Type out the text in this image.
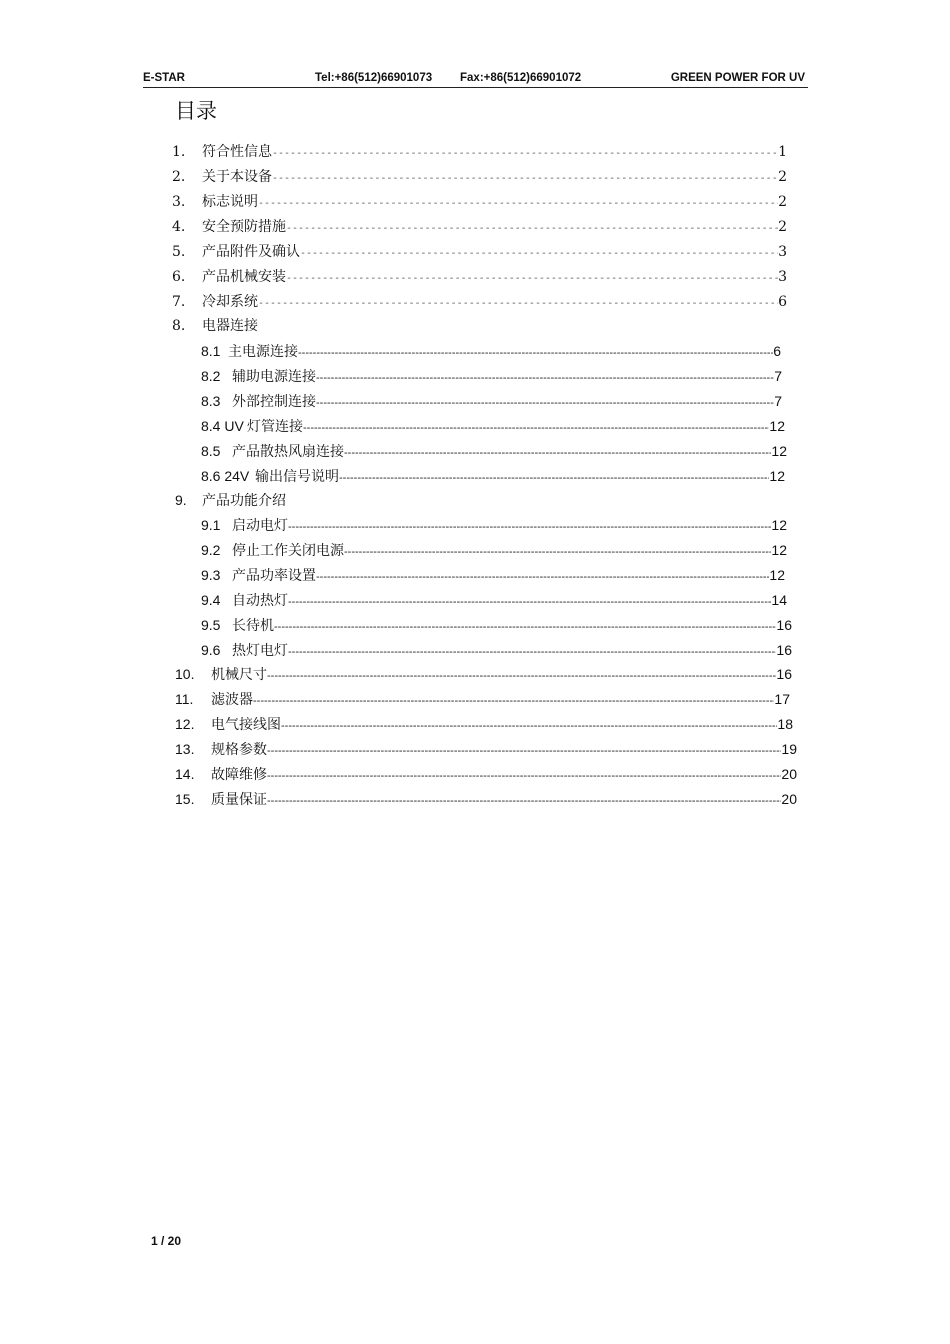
E-STAR	Tel:+86(512)66901073 Fax:+86(512)66901072	GREEN POWER FOR UV
目录
1.	符合性信息 -----	1
2.	关于本设备 -----	2
3.	标志说明 -----	2
4.	安全预防措施 -----	2
5.	产品附件及确认 -----	3
6.	产品机械安装 -----	3
7.	冷却系统 -----	6
8.	电器连接
8.1 主电源连接 -----	6
8.2 辅助电源连接 -----	7
8.3 外部控制连接 -----	7
8.4 UV 灯管连接 -----	12
8.5 产品散热风扇连接 -----	12
8.6 24V 输出信号说明 -----	12
9.	产品功能介绍
9.1 启动电灯 -----	12
9.2 停止工作关闭电源 -----	12
9.3 产品功率设置 -----	12
9.4 自动热灯 -----	14
9.5 长待机 -----	16
9.6 热灯电灯 -----	16
10.	机械尺寸 -----	16
11.	滤波器 -----	17
12.	电气接线图 -----	18
13.	规格参数 -----	19
14.	故障维修 -----	20
15.	质量保证 -----	20
1 / 20
